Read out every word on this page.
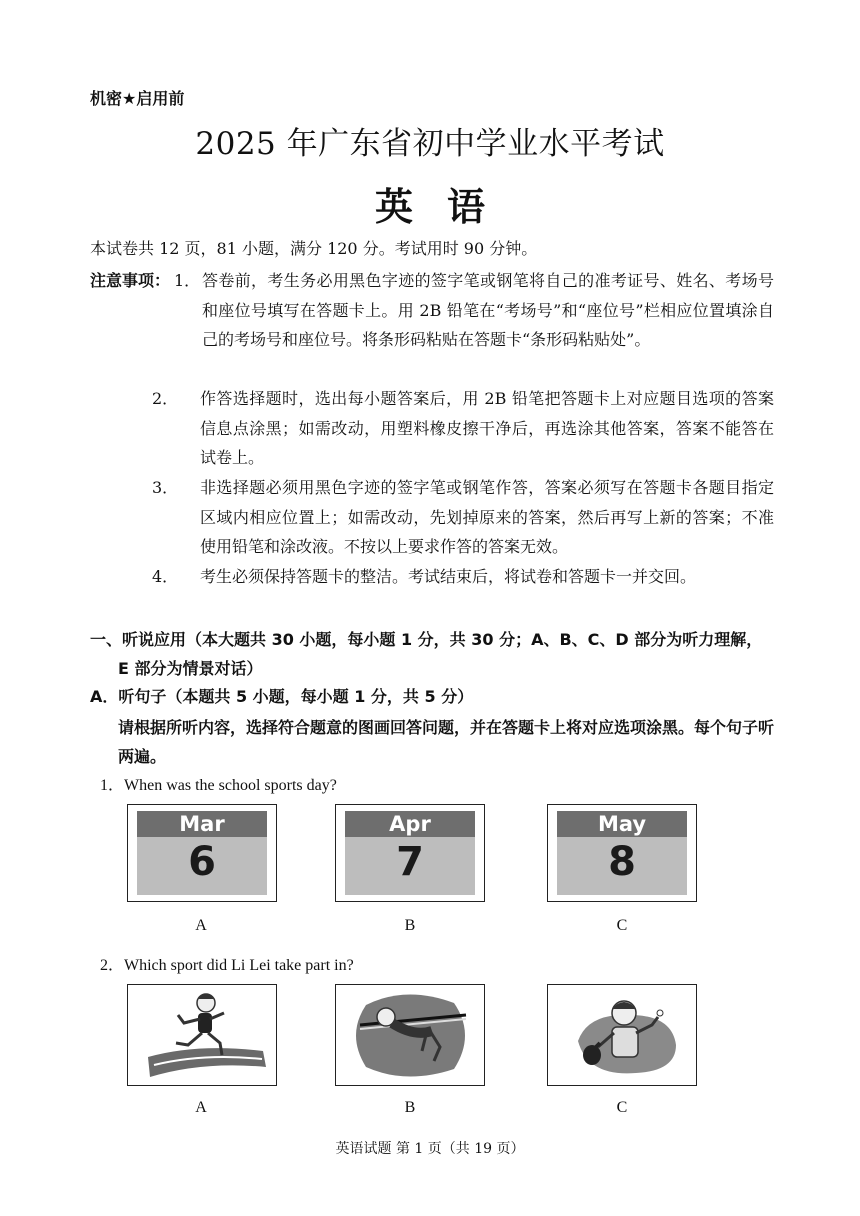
机密★启用前
2025 年广东省初中学业水平考试
英语
本试卷共 12 页，81 小题，满分 120 分。考试用时 90 分钟。
注意事项： 1． 答卷前，考生务必用黑色字迹的签字笔或钢笔将自己的准考证号、姓名、考场号和座位号填写在答题卡上。用 2B 铅笔在“考场号”和“座位号”栏相应位置填涂自己的考场号和座位号。将条形码粘贴在答题卡“条形码粘贴处”。
2． 作答选择题时，选出每小题答案后，用 2B 铅笔把答题卡上对应题目选项的答案信息点涂黑；如需改动，用塑料橡皮擦干净后，再选涂其他答案，答案不能答在试卷上。
3． 非选择题必须用黑色字迹的签字笔或钢笔作答，答案必须写在答题卡各题目指定区域内相应位置上；如需改动，先划掉原来的答案，然后再写上新的答案；不准使用铅笔和涂改液。不按以上要求作答的答案无效。
4． 考生必须保持答题卡的整洁。考试结束后，将试卷和答题卡一并交回。
一、听说应用（本大题共 30 小题，每小题 1 分，共 30 分；A、B、C、D 部分为听力理解，
E 部分为情景对话）
A．听句子（本题共 5 小题，每小题 1 分，共 5 分）
请根据所听内容，选择符合题意的图画回答问题，并在答题卡上将对应选项涂黑。每个句子听两遍。
1．When was the school sports day?
Mar
6
Apr
7
May
8
A	B	C
2．Which sport did Li Lei take part in?
A	B	C
英语试题 第 1 页（共 19 页）
